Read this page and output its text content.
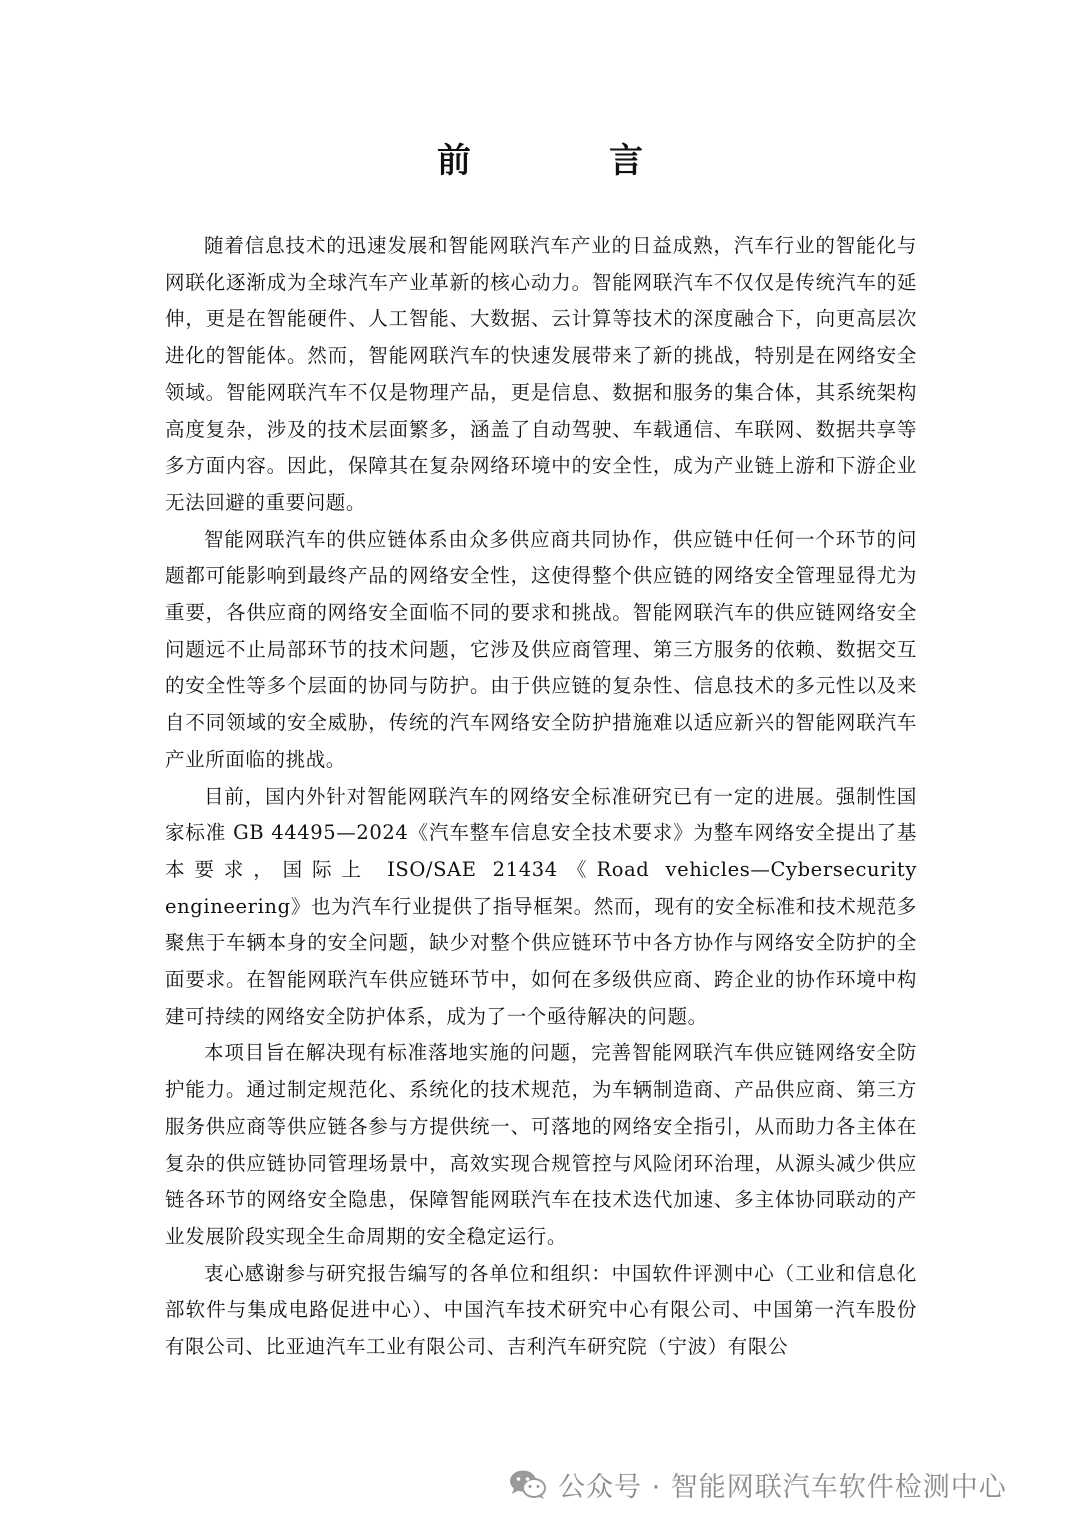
前　言

随着信息技术的迅速发展和智能网联汽车产业的日益成熟，汽车行业的智能化与网联化逐渐成为全球汽车产业革新的核心动力。智能网联汽车不仅仅是传统汽车的延伸，更是在智能硬件、人工智能、大数据、云计算等技术的深度融合下，向更高层次进化的智能体。然而，智能网联汽车的快速发展带来了新的挑战，特别是在网络安全领域。智能网联汽车不仅是物理产品，更是信息、数据和服务的集合体，其系统架构高度复杂，涉及的技术层面繁多，涵盖了自动驾驶、车载通信、车联网、数据共享等多方面内容。因此，保障其在复杂网络环境中的安全性，成为产业链上游和下游企业无法回避的重要问题。

智能网联汽车的供应链体系由众多供应商共同协作，供应链中任何一个环节的问题都可能影响到最终产品的网络安全性，这使得整个供应链的网络安全管理显得尤为重要，各供应商的网络安全面临不同的要求和挑战。智能网联汽车的供应链网络安全问题远不止局部环节的技术问题，它涉及供应商管理、第三方服务的依赖、数据交互的安全性等多个层面的协同与防护。由于供应链的复杂性、信息技术的多元性以及来自不同领域的安全威胁，传统的汽车网络安全防护措施难以适应新兴的智能网联汽车产业所面临的挑战。

目前，国内外针对智能网联汽车的网络安全标准研究已有一定的进展。强制性国家标准 GB 44495—2024《汽车整车信息安全技术要求》为整车网络安全提出了基本要求，国际上 ISO/SAE 21434《Road vehicles—Cybersecurity engineering》也为汽车行业提供了指导框架。然而，现有的安全标准和技术规范多聚焦于车辆本身的安全问题，缺少对整个供应链环节中各方协作与网络安全防护的全面要求。在智能网联汽车供应链环节中，如何在多级供应商、跨企业的协作环境中构建可持续的网络安全防护体系，成为了一个亟待解决的问题。

本项目旨在解决现有标准落地实施的问题，完善智能网联汽车供应链网络安全防护能力。通过制定规范化、系统化的技术规范，为车辆制造商、产品供应商、第三方服务供应商等供应链各参与方提供统一、可落地的网络安全指引，从而助力各主体在复杂的供应链协同管理场景中，高效实现合规管控与风险闭环治理，从源头减少供应链各环节的网络安全隐患，保障智能网联汽车在技术迭代加速、多主体协同联动的产业发展阶段实现全生命周期的安全稳定运行。

衷心感谢参与研究报告编写的各单位和组织：中国软件评测中心（工业和信息化部软件与集成电路促进中心）、中国汽车技术研究中心有限公司、中国第一汽车股份有限公司、比亚迪汽车工业有限公司、吉利汽车研究院（宁波）有限公

公众号 · 智能网联汽车软件检测中心
